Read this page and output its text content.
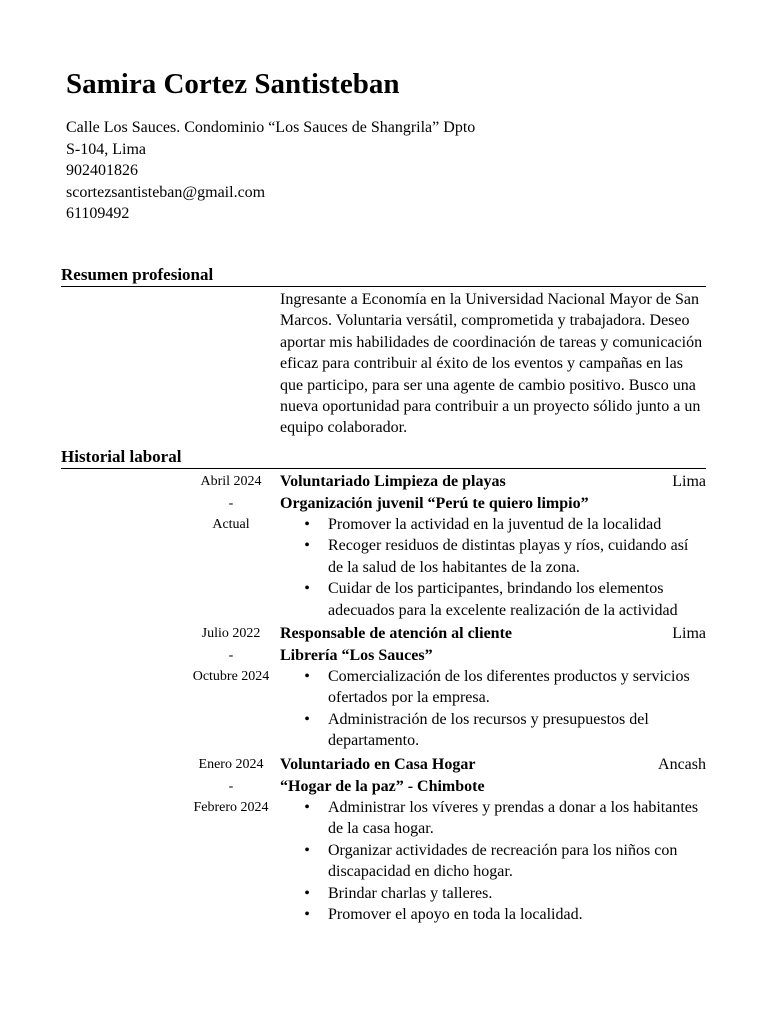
Samira Cortez Santisteban
Calle Los Sauces. Condominio “Los Sauces de Shangrila” Dpto
S-104, Lima
902401826
scortezsantisteban@gmail.com
61109492
Resumen profesional
Ingresante a Economía en la Universidad Nacional Mayor de San Marcos. Voluntaria versátil, comprometida y trabajadora. Deseo aportar mis habilidades de coordinación de tareas y comunicación eficaz para contribuir al éxito de los eventos y campañas en las que participo, para ser una agente de cambio positivo. Busco una nueva oportunidad para contribuir a un proyecto sólido junto a un equipo colaborador.
Historial laboral
Abril 2024
-
Actual
Voluntariado Limpieza de playas	Lima
Organización juvenil “Perú te quiero limpio”
• Promover la actividad en la juventud de la localidad
• Recoger residuos de distintas playas y ríos, cuidando así de la salud de los habitantes de la zona.
• Cuidar de los participantes, brindando los elementos adecuados para la excelente realización de la actividad
Julio 2022
-
Octubre 2024
Responsable de atención al cliente	Lima
Librería “Los Sauces”
• Comercialización de los diferentes productos y servicios ofertados por la empresa.
• Administración de los recursos y presupuestos del departamento.
Enero 2024
-
Febrero 2024
Voluntariado en Casa Hogar	Ancash
“Hogar de la paz” - Chimbote
• Administrar los víveres y prendas a donar a los habitantes de la casa hogar.
• Organizar actividades de recreación para los niños con discapacidad en dicho hogar.
• Brindar charlas y talleres.
• Promover el apoyo en toda la localidad.
